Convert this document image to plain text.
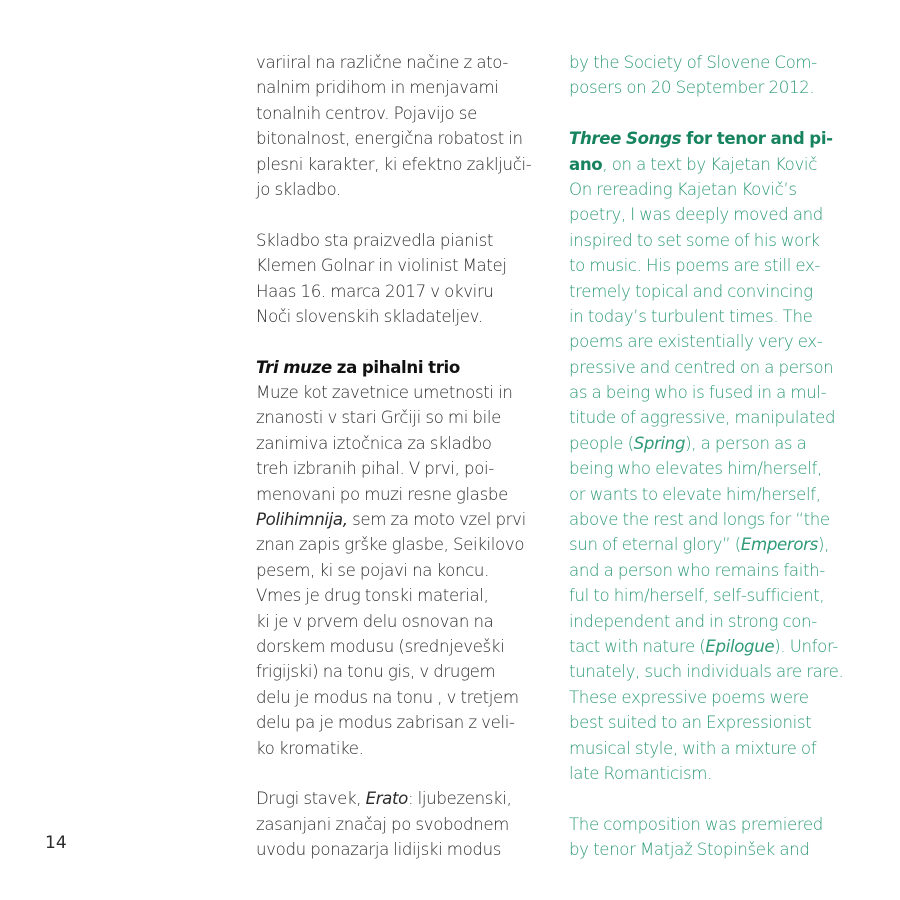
variiral na različne načine z ato-
nalnim pridihom in menjavami
tonalnih centrov. Pojavijo se
bitonalnost, energična robatost in
plesni karakter, ki efektno zaključi-
jo skladbo.
Skladbo sta praizvedla pianist
Klemen Golnar in violinist Matej
Haas 16. marca 2017 v okviru
Noči slovenskih skladateljev.
Tri muze za pihalni trio
Muze kot zavetnice umetnosti in
znanosti v stari Grčiji so mi bile
zanimiva iztočnica za skladbo
treh izbranih pihal. V prvi, poi-
menovani po muzi resne glasbe
Polihimnija, sem za moto vzel prvi
znan zapis grške glasbe, Seikilovo
pesem, ki se pojavi na koncu.
Vmes je drug tonski material,
ki je v prvem delu osnovan na
dorskem modusu (srednjeveški
frigijski) na tonu gis, v drugem
delu je modus na tonu , v tretjem
delu pa je modus zabrisan z veli-
ko kromatike.
Drugi stavek, Erato: ljubezenski,
zasanjani značaj po svobodnem
uvodu ponazarja lidijski modus
by the Society of Slovene Com-
posers on 20 September 2012.
Three Songs for tenor and pi-
ano, on a text by Kajetan Kovič
On rereading Kajetan Kovič’s
poetry, I was deeply moved and
inspired to set some of his work
to music. His poems are still ex-
tremely topical and convincing
in today’s turbulent times. The
poems are existentially very ex-
pressive and centred on a person
as a being who is fused in a mul-
titude of aggressive, manipulated
people (Spring), a person as a
being who elevates him/herself,
or wants to elevate him/herself,
above the rest and longs for “the
sun of eternal glory” (Emperors),
and a person who remains faith-
ful to him/herself, self-sufficient,
independent and in strong con-
tact with nature (Epilogue). Unfor-
tunately, such individuals are rare.
These expressive poems were
best suited to an Expressionist
musical style, with a mixture of
late Romanticism.
The composition was premiered
by tenor Matjaž Stopinšek and
14
